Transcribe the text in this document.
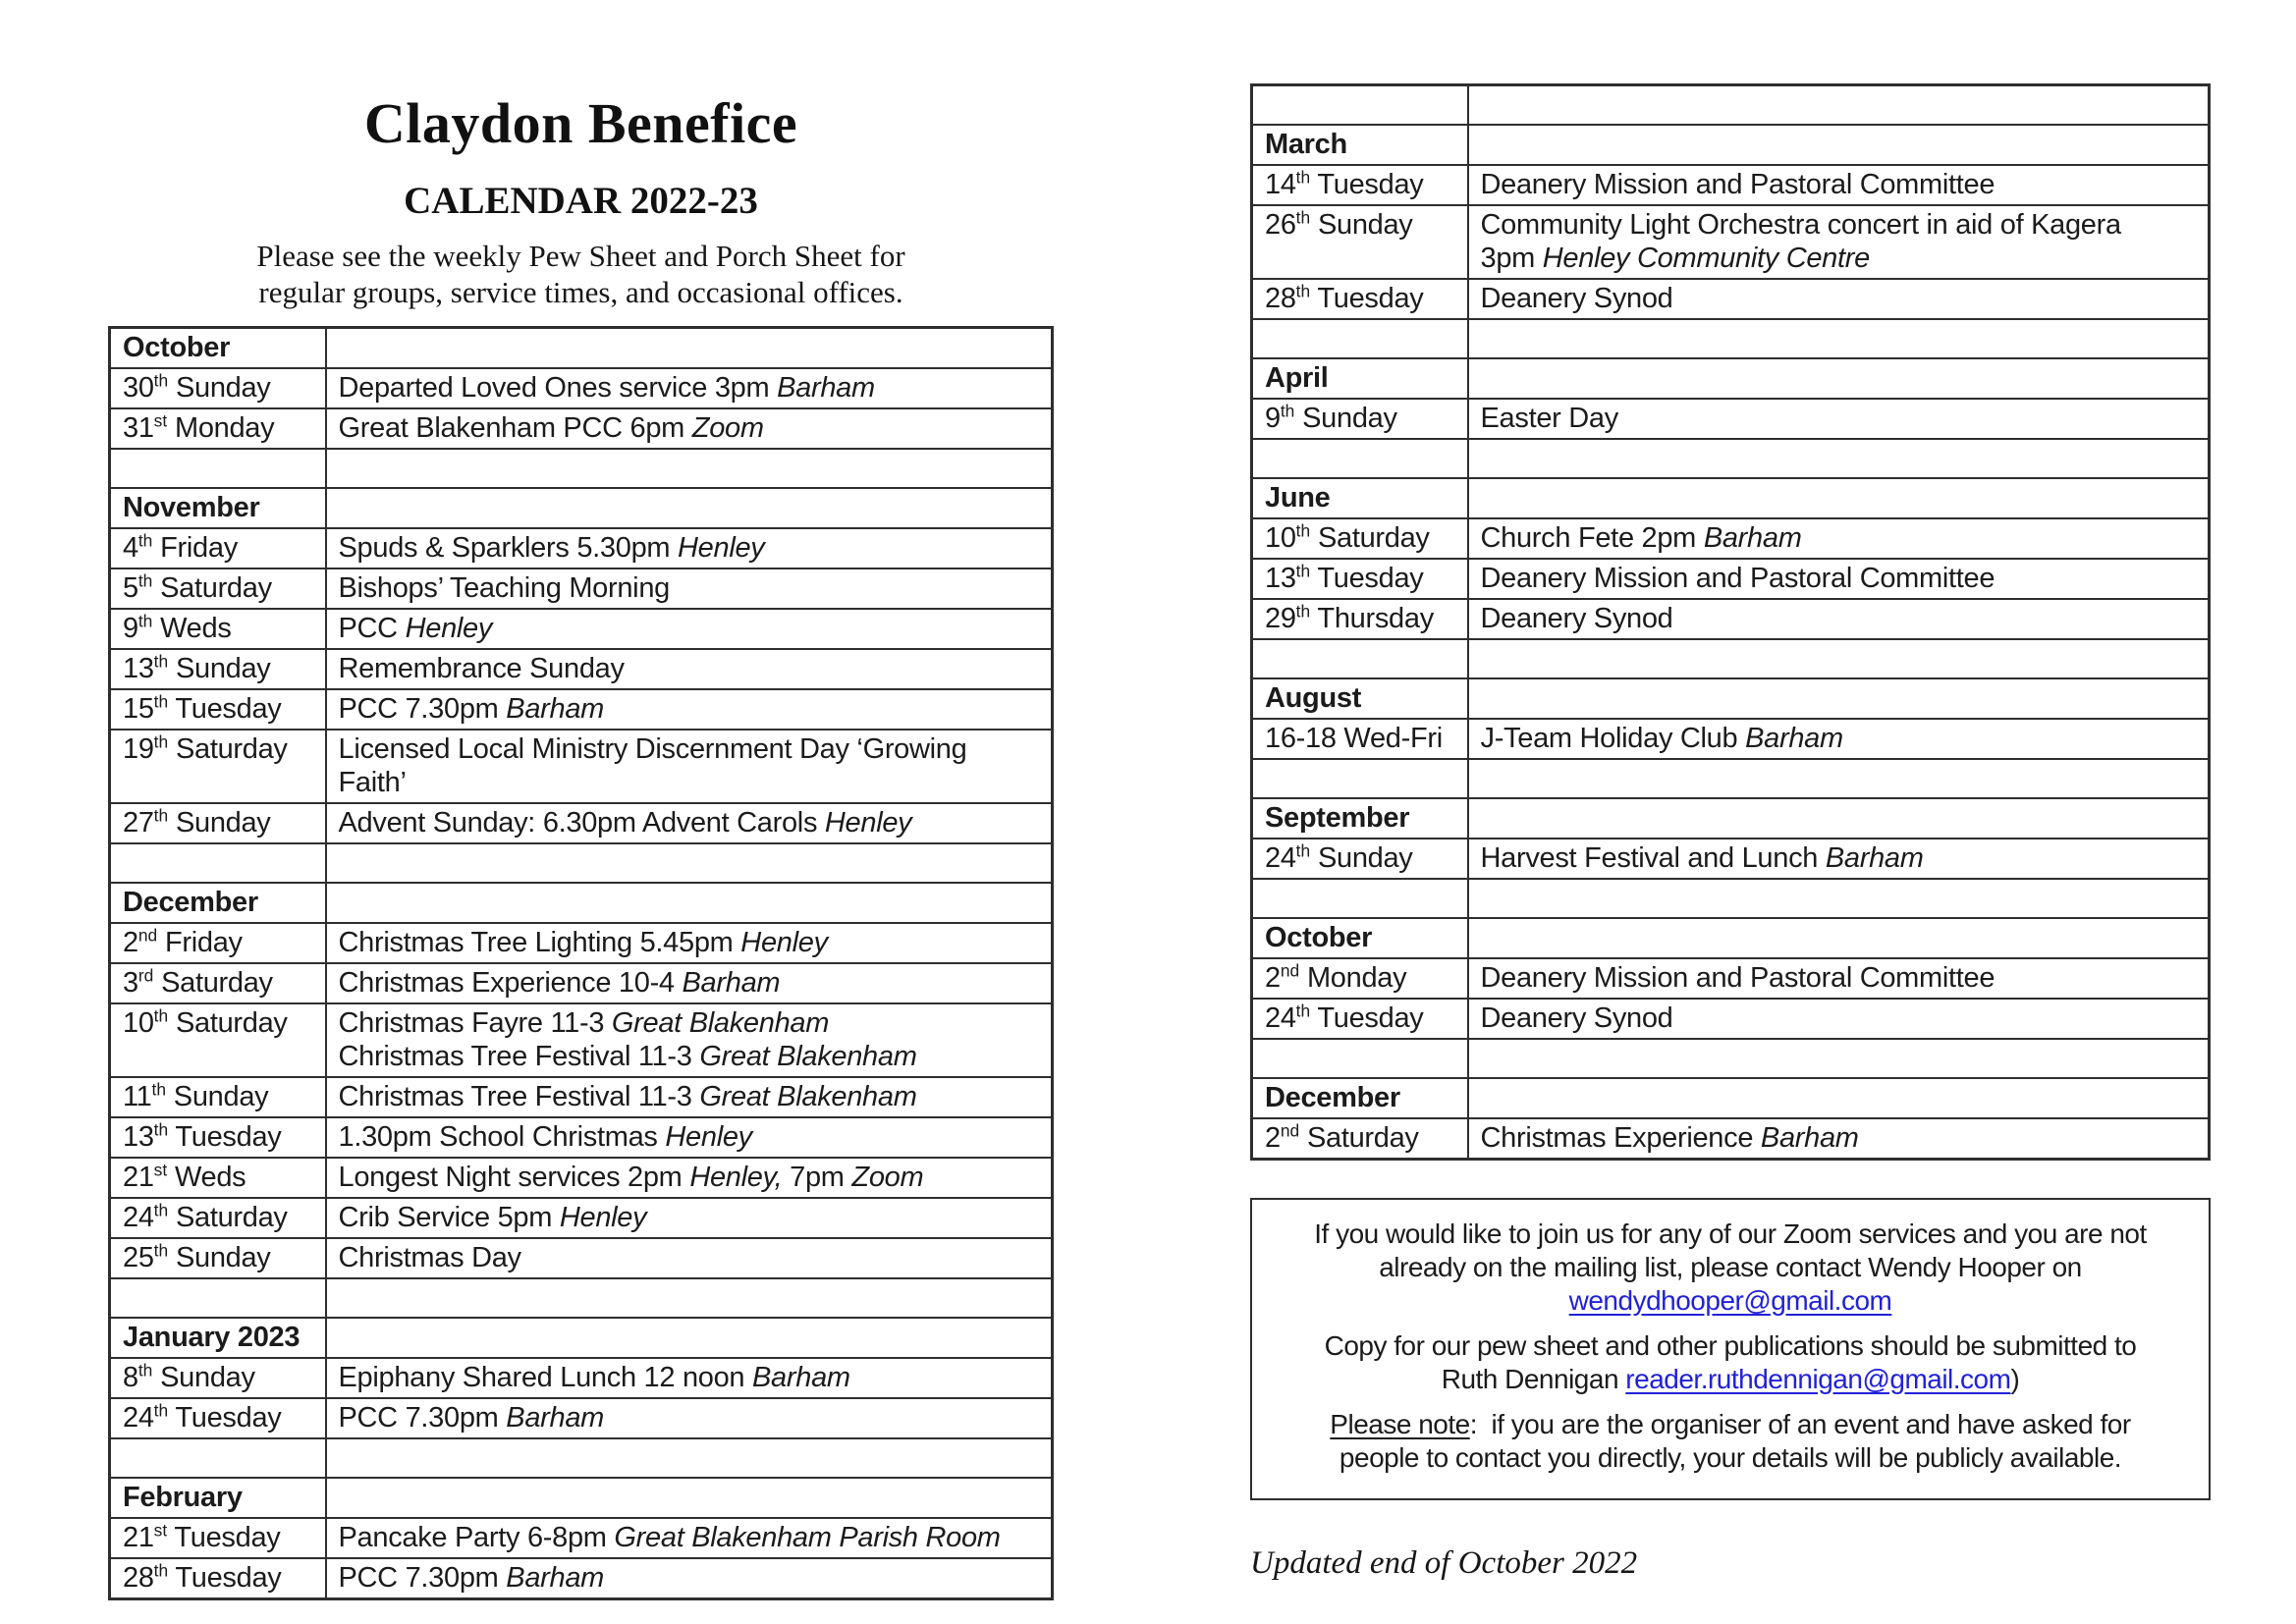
Claydon Benefice
CALENDAR 2022-23
Please see the weekly Pew Sheet and Porch Sheet for
regular groups, service times, and occasional offices.
October	
30th Sunday	Departed Loved Ones service 3pm Barham

31st Monday	Great Blakenham PCC 6pm Zoom

November	
4th Friday	Spuds & Sparklers 5.30pm Henley

5th Saturday	Bishops’ Teaching Morning

9th Weds	PCC Henley

13th Sunday	Remembrance Sunday

15th Tuesday	PCC 7.30pm Barham

19th Saturday	Licensed Local Ministry Discernment Day ‘Growing
Faith’

27th Sunday	Advent Sunday: 6.30pm Advent Carols Henley

December	
2nd Friday	Christmas Tree Lighting 5.45pm Henley

3rd Saturday	Christmas Experience 10-4 Barham

10th Saturday	Christmas Fayre 11-3 Great Blakenham
Christmas Tree Festival 11-3 Great Blakenham

11th Sunday	Christmas Tree Festival 11-3 Great Blakenham

13th Tuesday	1.30pm School Christmas Henley

21st Weds	Longest Night services 2pm Henley, 7pm Zoom

24th Saturday	Crib Service 5pm Henley

25th Sunday	Christmas Day

January 2023	
8th Sunday	Epiphany Shared Lunch 12 noon Barham

24th Tuesday	PCC 7.30pm Barham

February	
21st Tuesday	Pancake Party 6-8pm Great Blakenham Parish Room

28th Tuesday	PCC 7.30pm Barham

March	
14th Tuesday	Deanery Mission and Pastoral Committee

26th Sunday	Community Light Orchestra concert in aid of Kagera
3pm Henley Community Centre

28th Tuesday	Deanery Synod

April	
9th Sunday	Easter Day

June	
10th Saturday	Church Fete 2pm Barham

13th Tuesday	Deanery Mission and Pastoral Committee

29th Thursday	Deanery Synod

August	
16-18 Wed-Fri	J-Team Holiday Club Barham

September	
24th Sunday	Harvest Festival and Lunch Barham

October	
2nd Monday	Deanery Mission and Pastoral Committee

24th Tuesday	Deanery Synod

December	
2nd Saturday	Christmas Experience Barham
If you would like to join us for any of our Zoom services and you are not
already on the mailing list, please contact Wendy Hooper on
wendydhooper@gmail.com
Copy for our pew sheet and other publications should be submitted to
Ruth Dennigan reader.ruthdennigan@gmail.com)
Please note:  if you are the organiser of an event and have asked for
people to contact you directly, your details will be publicly available.
Updated end of October 2022
